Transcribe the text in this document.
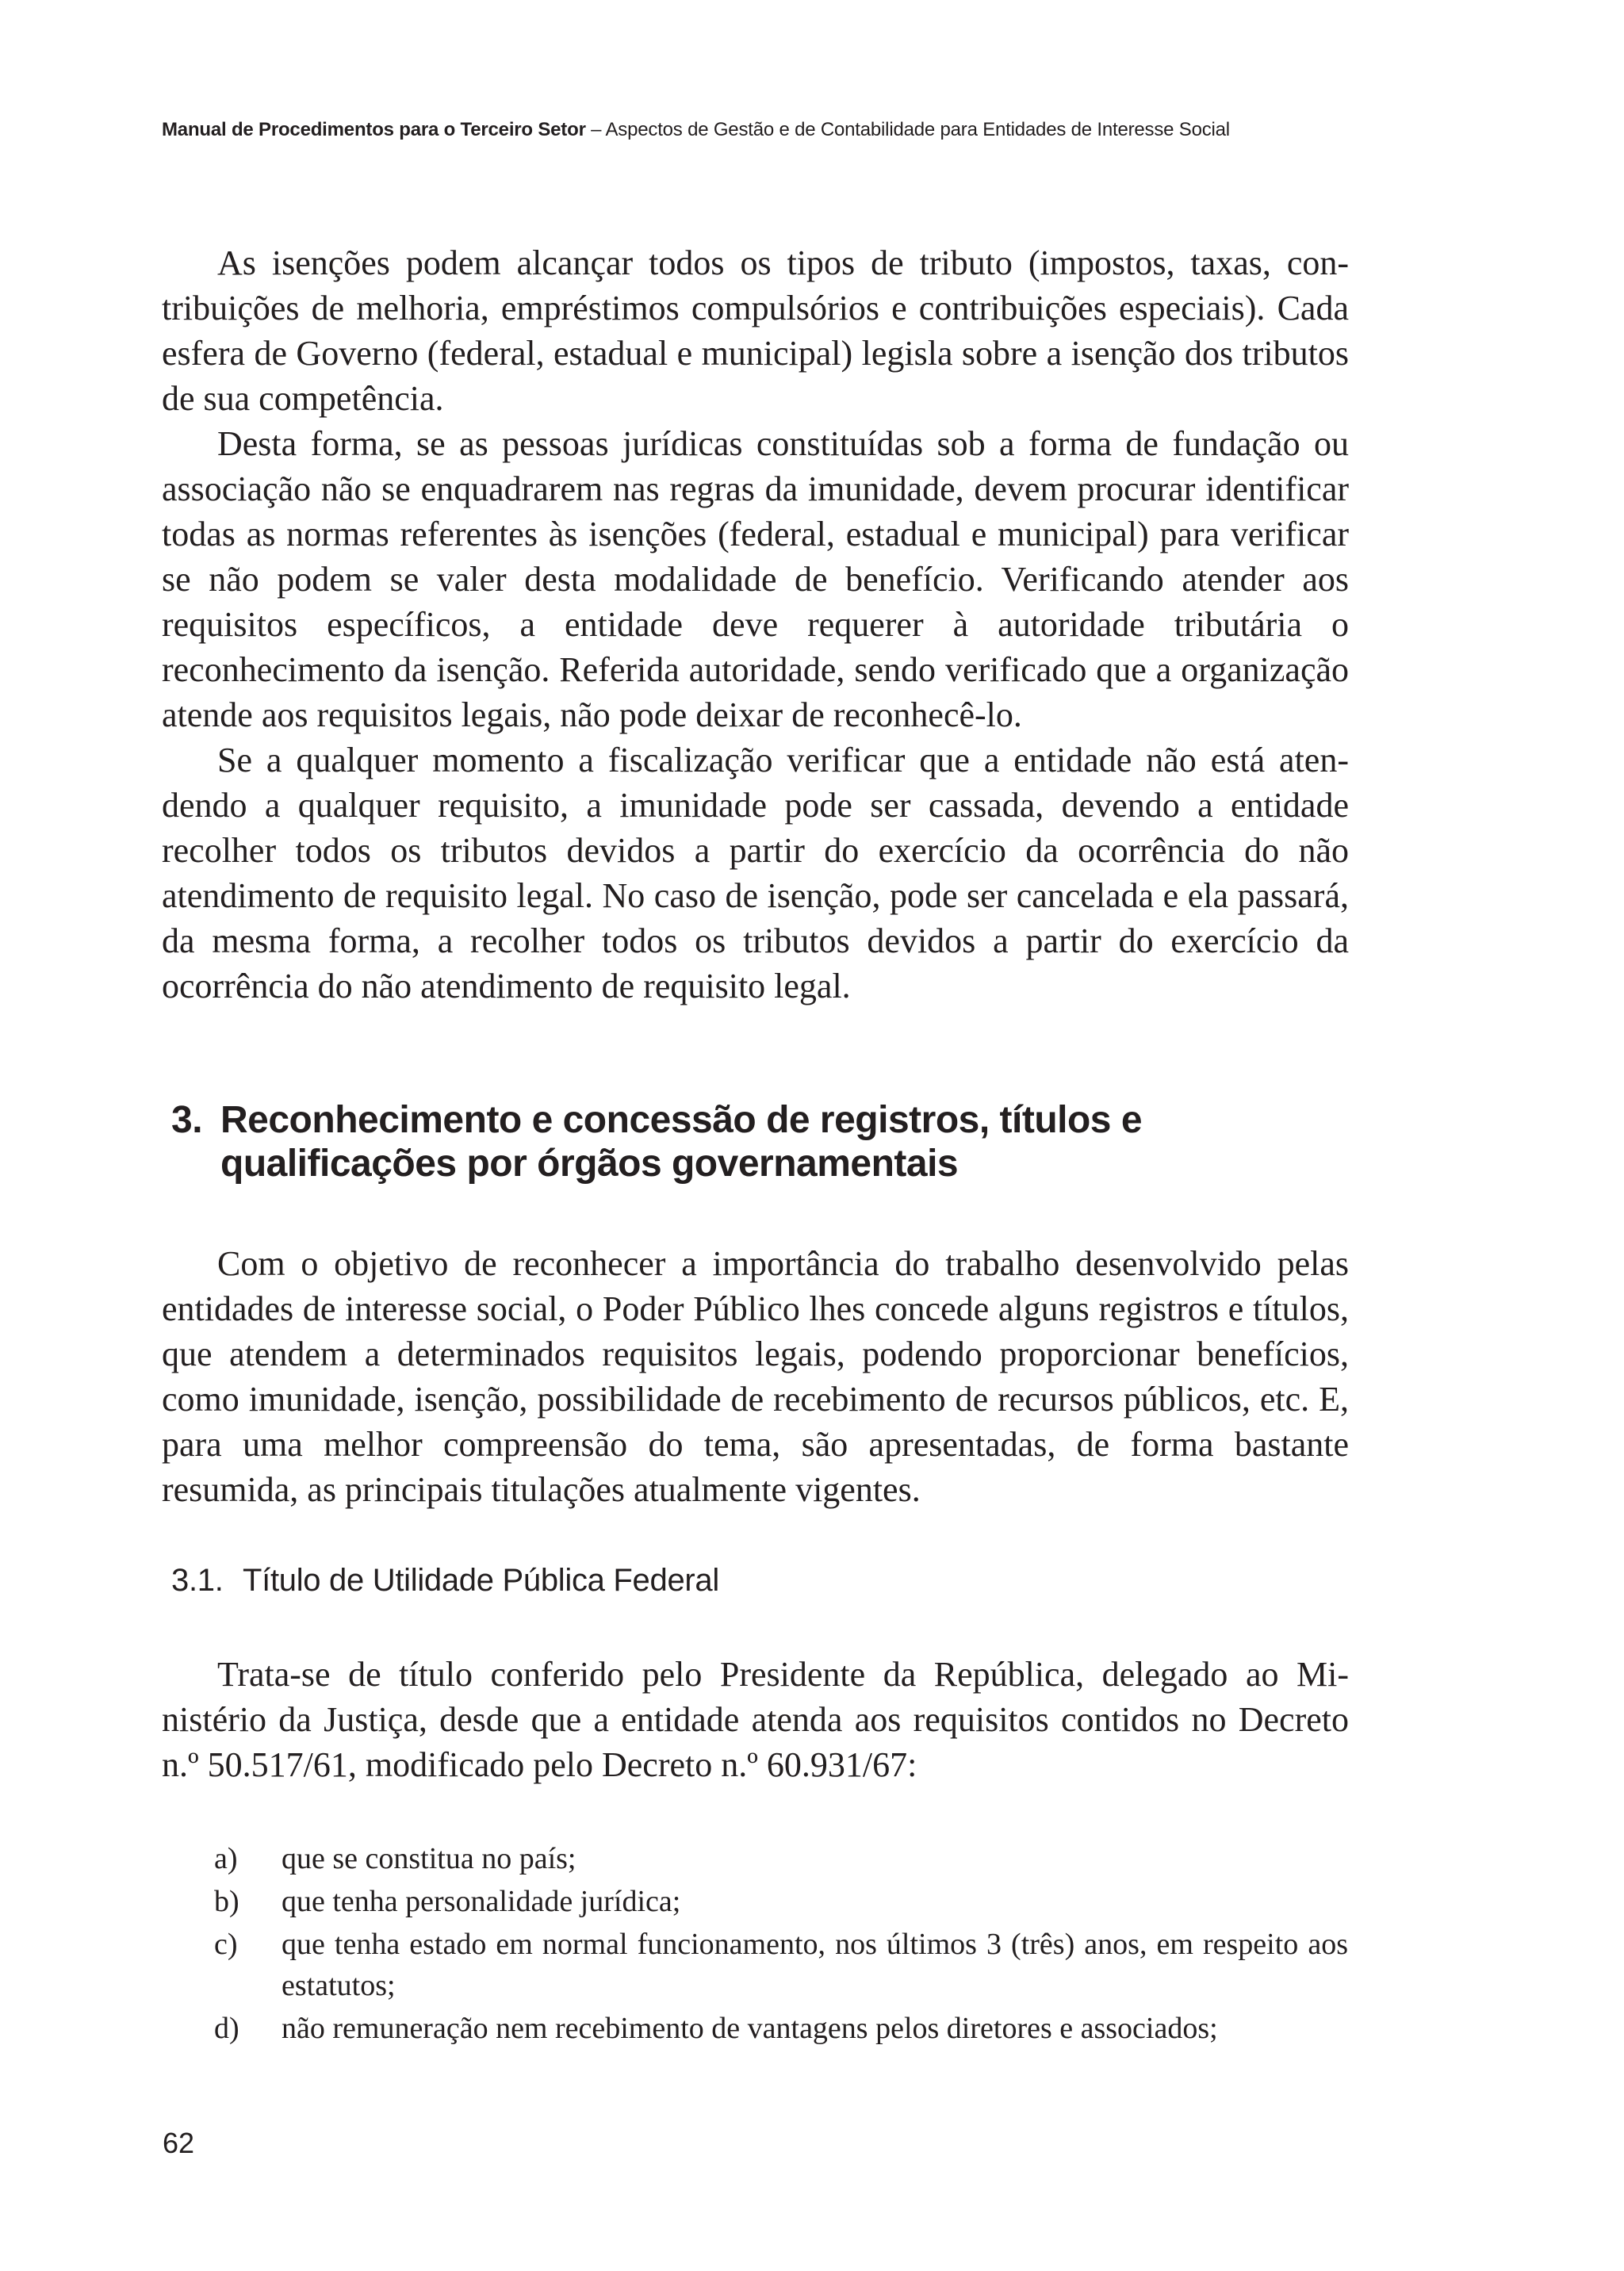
Manual de Procedimentos para o Terceiro Setor – Aspectos de Gestão e de Contabilidade para Entidades de Interesse Social

As isenções podem alcançar todos os tipos de tributo (impostos, taxas, contribuições de melhoria, empréstimos compulsórios e contribuições especiais). Cada esfera de Governo (federal, estadual e municipal) legisla sobre a isenção dos tributos de sua competência.

Desta forma, se as pessoas jurídicas constituídas sob a forma de fundação ou associação não se enquadrarem nas regras da imunidade, devem procurar identificar todas as normas referentes às isenções (federal, estadual e municipal) para verificar se não podem se valer desta modalidade de benefício. Verificando atender aos requisitos específicos, a entidade deve requerer à autoridade tributária o reconhecimento da isenção. Referida autoridade, sendo verificado que a organização atende aos requisitos legais, não pode deixar de reconhecê-lo.

Se a qualquer momento a fiscalização verificar que a entidade não está atendendo a qualquer requisito, a imunidade pode ser cassada, devendo a entidade recolher todos os tributos devidos a partir do exercício da ocorrência do não atendimento de requisito legal. No caso de isenção, pode ser cancelada e ela passará, da mesma forma, a recolher todos os tributos devidos a partir do exercício da ocorrência do não atendimento de requisito legal.

3. Reconhecimento e concessão de registros, títulos e qualificações por órgãos governamentais

Com o objetivo de reconhecer a importância do trabalho desenvolvido pelas entidades de interesse social, o Poder Público lhes concede alguns registros e títulos, que atendem a determinados requisitos legais, podendo proporcionar benefícios, como imunidade, isenção, possibilidade de recebimento de recursos públicos, etc. E, para uma melhor compreensão do tema, são apresentadas, de forma bastante resumida, as principais titulações atualmente vigentes.

3.1. Título de Utilidade Pública Federal

Trata-se de título conferido pelo Presidente da República, delegado ao Ministério da Justiça, desde que a entidade atenda aos requisitos contidos no Decreto n.º 50.517/61, modificado pelo Decreto n.º 60.931/67:

a) que se constitua no país;
b) que tenha personalidade jurídica;
c) que tenha estado em normal funcionamento, nos últimos 3 (três) anos, em respeito aos estatutos;
d) não remuneração nem recebimento de vantagens pelos diretores e associados;
62
